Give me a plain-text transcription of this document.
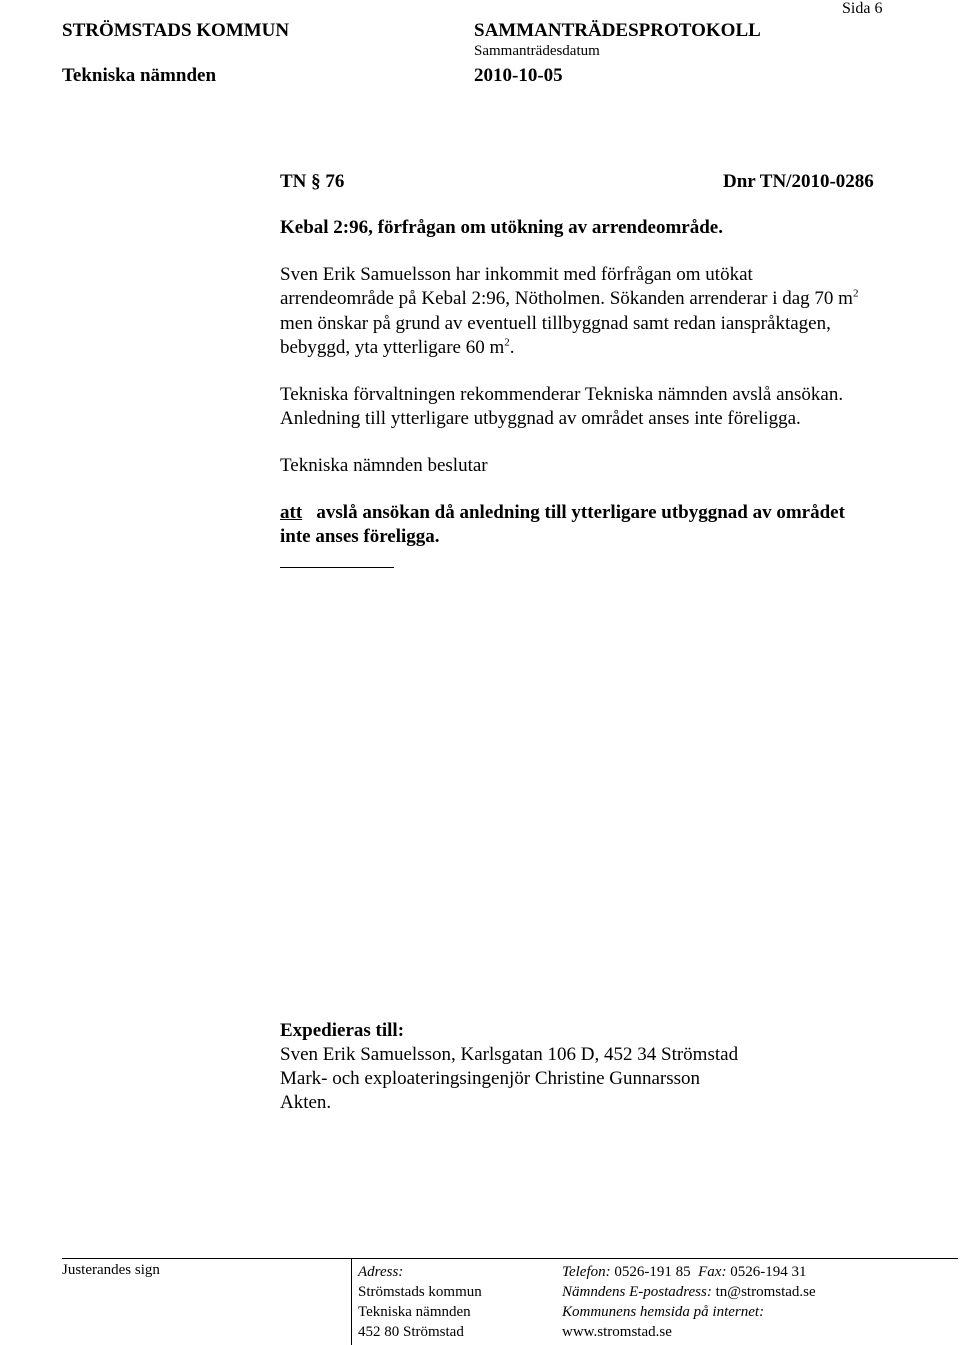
Sida 6
STRÖMSTADS KOMMUN	SAMMANTRÄDESPROTOKOLL
Sammanträdesdatum
Tekniska nämnden	2010-10-05
TN § 76	Dnr TN/2010-0286
Kebal 2:96, förfrågan om utökning av arrendeområde.
Sven Erik Samuelsson har inkommit med förfrågan om utökat
arrendeområde på Kebal 2:96, Nötholmen. Sökanden arrenderar i dag 70 $m^2$
men önskar på grund av eventuell tillbyggnad samt redan ianspråktagen,
bebyggd, yta ytterligare 60 $m^2$.
Tekniska förvaltningen rekommenderar Tekniska nämnden avslå ansökan.
Anledning till ytterligare utbyggnad av området anses inte föreligga.
Tekniska nämnden beslutar
att avslå ansökan då anledning till ytterligare utbyggnad av området
inte anses föreligga.
Expedieras till:
Sven Erik Samuelsson, Karlsgatan 106 D, 452 34 Strömstad
Mark- och exploateringsingenjör Christine Gunnarsson
Akten.
Justerandes sign	Adress:
Strömstads kommun
Tekniska nämnden
452 80 Strömstad
Telefon: 0526-191 85 Fax: 0526-194 31
Nämndens E-postadress: tn@stromstad.se
Kommunens hemsida på internet:
www.stromstad.se
